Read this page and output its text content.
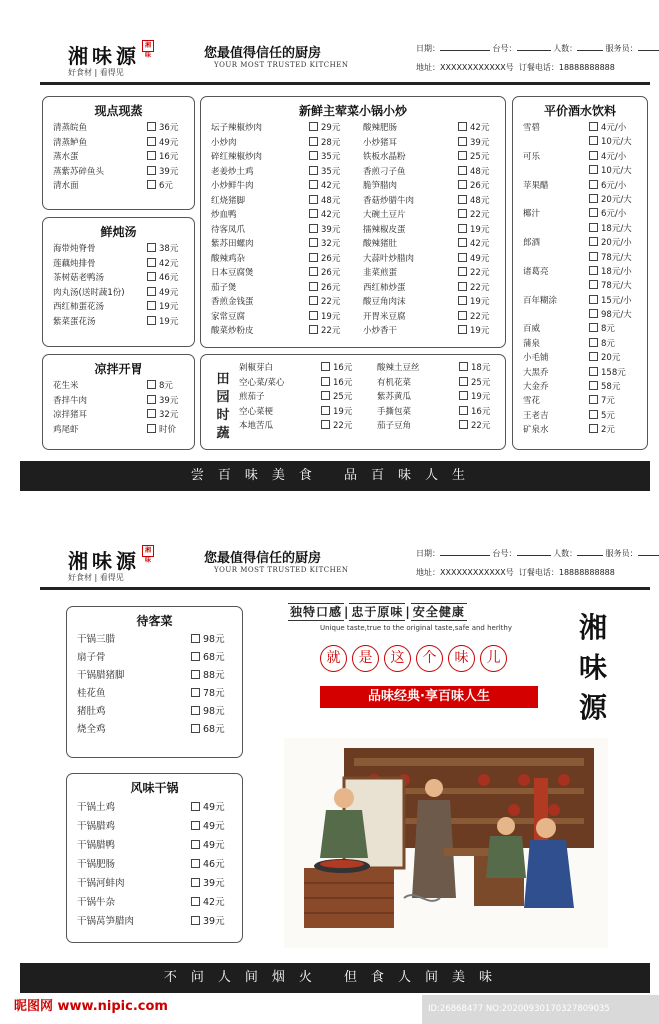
湘味源 湘味
好食材 | 看得见
您最值得信任的厨房
YOUR MOST TRUSTED KITCHEN
日期：	台号：	人数：	服务员：
地址：XXXXXXXXXXXX号 订餐电话：18888888888
现点现蒸
清蒸皖鱼	36元
清蒸鲈鱼	49元
蒸水蛋	16元
蒸紫苏碎鱼头	39元
清水面	6元
鲜炖汤
海带炖脊骨	38元
莲藕炖排骨	42元
茶树菇老鸭汤	46元
肉丸汤(送时蔬1份)	49元
西红柿蛋花汤	19元
紫菜蛋花汤	19元
凉拌开胃
花生米	8元
香拌牛肉	39元
凉拌猪耳	32元
鸡尾虾	时价
新鲜主荤菜小锅小炒
坛子辣椒炒肉	29元
小炒肉	28元
碎红辣椒炒肉	35元
老姜炒土鸡	35元
小炒鲜牛肉	42元
红烧猪脚	48元
炒血鸭	42元
待客凤爪	39元
紫苏田螺肉	32元
酸辣鸡杂	26元
日本豆腐煲	26元
茄子煲	26元
香煎金钱蛋	22元
家常豆腐	19元
酸菜炒粉皮	22元
酸辣肥肠	42元
小炒猪耳	39元
铁板水晶粉	25元
香煎刁子鱼	48元
脆笋腊肉	26元
香菇炒腊牛肉	48元
大碗土豆片	22元
擂辣椒皮蛋	19元
酸辣猪肚	42元
大蒜叶炒腊肉	49元
韭菜煎蛋	22元
西红柿炒蛋	22元
酸豆角肉沫	19元
开胃米豆腐	22元
小炒香干	19元
田园时蔬
剁椒芽白	16元
空心菜/菜心	16元
煎茄子	25元
空心菜梗	19元
本地苦瓜	22元
酸辣土豆丝	18元
有机花菜	25元
紫苏黄瓜	19元
手撕包菜	16元
茄子豆角	22元
平价酒水饮料
雪碧	4元/小
10元/大
可乐	4元/小
10元/大
苹果醋	6元/小
20元/大
椰汁	6元/小
18元/大
郎酒	20元/小
78元/大
诸葛亮	18元/小
78元/大
百年糊涂	15元/小
98元/大
百威	8元
蒲泉	8元
小毛铺	20元
大黑乔	158元
大金乔	58元
雪花	7元
王老吉	5元
矿泉水	2元
尝百味美食 品百味人生
湘味源 湘味
好食材 | 看得见
您最值得信任的厨房
YOUR MOST TRUSTED KITCHEN
日期：	台号：	人数：	服务员：
地址：XXXXXXXXXXXX号 订餐电话：18888888888
待客菜
干锅三腊	98元
扇子骨	68元
干锅腊猪脚	88元
桂花鱼	78元
猪肚鸡	98元
烧全鸡	68元
风味干锅
干锅土鸡	49元
干锅腊鸡	49元
干锅腊鸭	49元
干锅肥肠	46元
干锅河蚌肉	39元
干锅牛杂	42元
干锅莴笋腊肉	39元
独特口感 | 忠于原味 | 安全健康
Unique taste,true to the original taste,safe and herlthy
就	是	这	个	味	儿
品味经典·享百味人生
湘味源
不问人间烟火 但食人间美味
昵图网 www.nipic.com	ID:26868477 NO:20200930170327809035
